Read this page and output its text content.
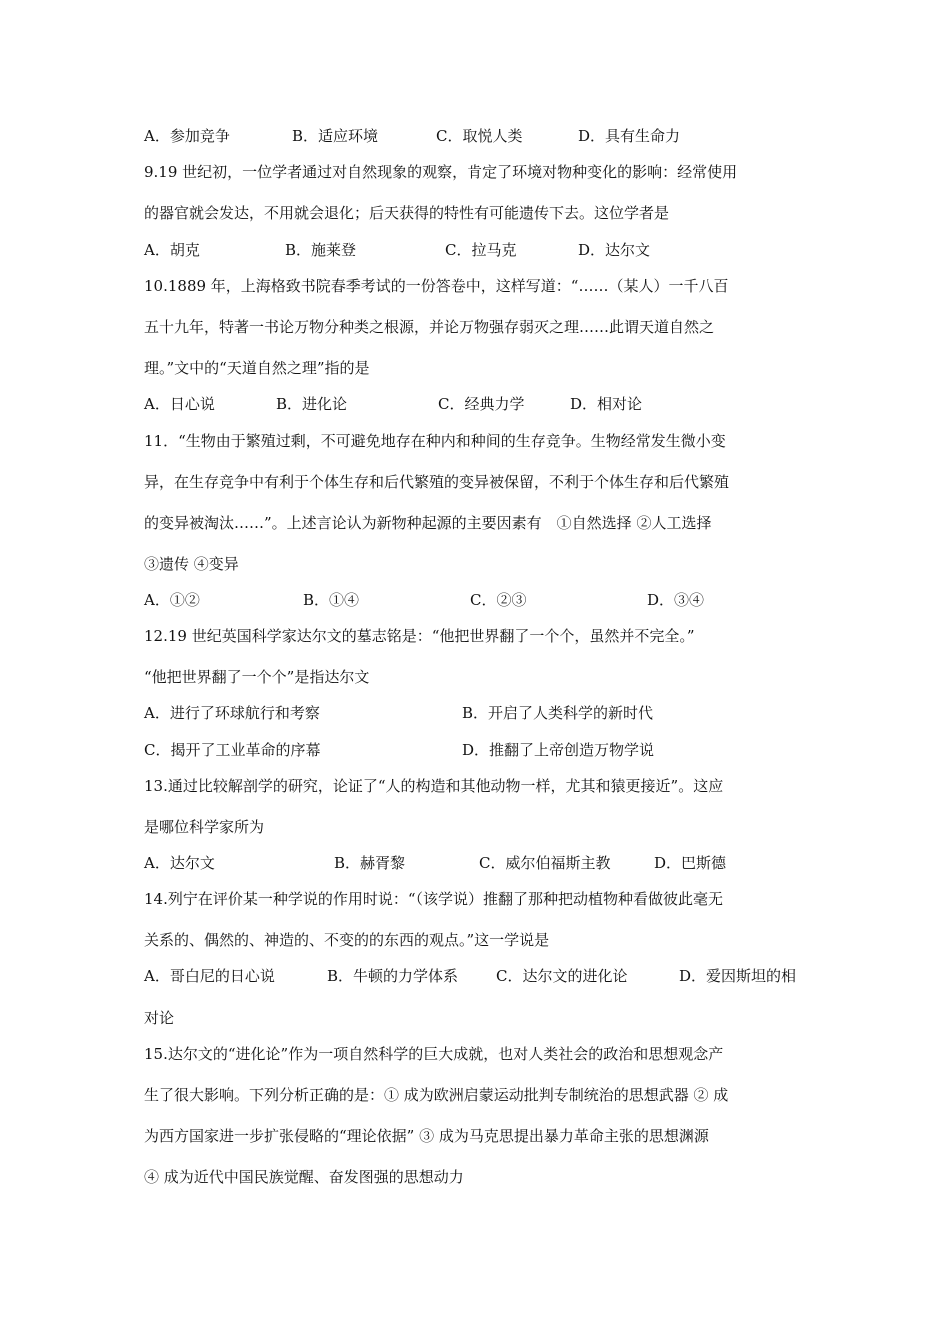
A．参加竞争	B．适应环境	C．取悦人类	D．具有生命力
9.19 世纪初，一位学者通过对自然现象的观察，肯定了环境对物种变化的影响：经常使用
的器官就会发达，不用就会退化；后天获得的特性有可能遗传下去。这位学者是
A．胡克	B．施莱登	C．拉马克	D．达尔文
10.1889 年，上海格致书院春季考试的一份答卷中，这样写道：“……（某人）一千八百
五十九年，特著一书论万物分种类之根源，并论万物强存弱灭之理……此谓天道自然之
理。”文中的“天道自然之理”指的是
A．日心说	B．进化论	C．经典力学	D．相对论
11．“生物由于繁殖过剩，不可避免地存在种内和种间的生存竞争。生物经常发生微小变
异，在生存竞争中有利于个体生存和后代繁殖的变异被保留，不利于个体生存和后代繁殖
的变异被淘汰……”。上述言论认为新物种起源的主要因素有　①自然选择 ②人工选择
③遗传 ④变异
A．①②	B．①④	C．②③	D．③④
12.19 世纪英国科学家达尔文的墓志铭是：“他把世界翻了一个个，虽然并不完全。”
“他把世界翻了一个个”是指达尔文
A．进行了环球航行和考察	B．开启了人类科学的新时代
C．揭开了工业革命的序幕	D．推翻了上帝创造万物学说
13.通过比较解剖学的研究，论证了“人的构造和其他动物一样，尤其和猿更接近”。这应
是哪位科学家所为
A．达尔文	B．赫胥黎	C．威尔伯福斯主教	D．巴斯德
14.列宁在评价某一种学说的作用时说：“（该学说）推翻了那种把动植物种看做彼此毫无
关系的、偶然的、神造的、不变的的东西的观点。”这一学说是
A．哥白尼的日心说	B．牛顿的力学体系	C．达尔文的进化论	D．爱因斯坦的相
对论
15.达尔文的“进化论”作为一项自然科学的巨大成就，也对人类社会的政治和思想观念产
生了很大影响。下列分析正确的是：① 成为欧洲启蒙运动批判专制统治的思想武器 ② 成
为西方国家进一步扩张侵略的“理论依据” ③ 成为马克思提出暴力革命主张的思想渊源
④ 成为近代中国民族觉醒、奋发图强的思想动力
